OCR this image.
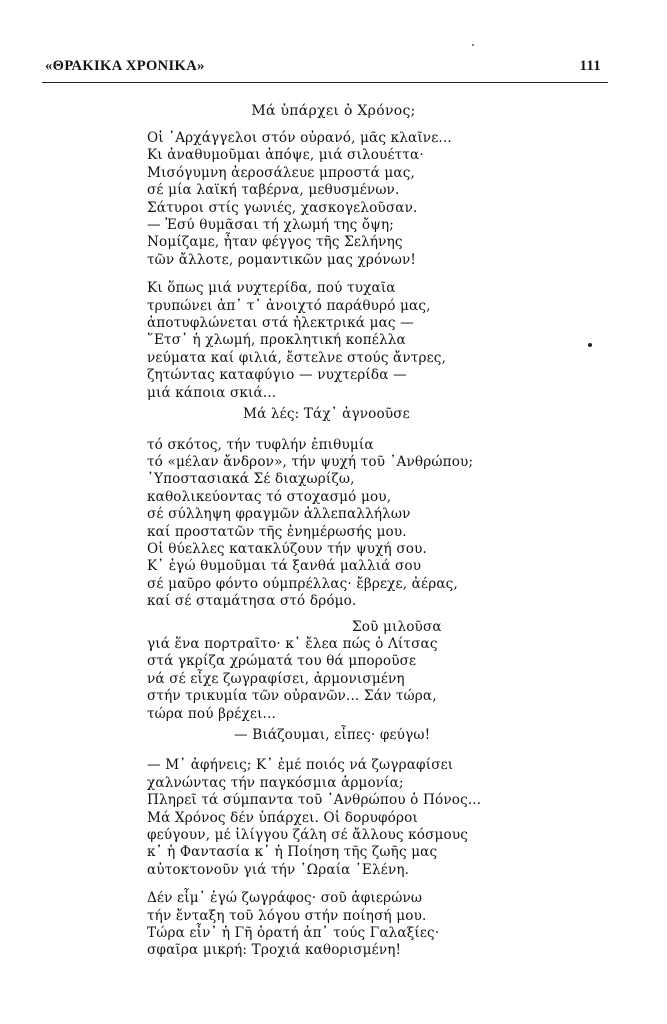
«ΘΡΑΚΙΚΑ ΧΡΟΝΙΚΑ»	111
Μά ὑπάρχει ὁ Χρόνος;
Οἱ ᾿Αρχάγγελοι στόν οὐρανό, μᾶς κλαῖνε...
Κι ἀναθυμοῦμαι ἀπόψε, μιά σιλουέττα·
Μισόγυμνη ἀεροσάλευε μπροστά μας,
σέ μία λαϊκή ταβέρνα, μεθυσμένων.
Σάτυροι στίς γωνιές, χασκογελοῦσαν.
— Ἐσύ θυμᾶσαι τή χλωμή της ὄψη;
Νομίζαμε, ἦταν φέγγος τῆς Σελήνης
τῶν ἄλλοτε, ρομαντικῶν μας χρόνων!
Κι ὅπως μιά νυχτερίδα, πού τυχαῖα
τρυπώνει ἀπ᾿ τ᾿ ἀνοιχτό παράθυρό μας,
ἀποτυφλώνεται στά ἠλεκτρικά μας —
῞Ετσ᾿ ἡ χλωμή, προκλητική κοπέλλα
νεύματα καί φιλιά, ἔστελνε στούς ἄντρες,
ζητώντας καταφύγιο — νυχτερίδα —
μιά κάποια σκιά...
Μά λές: Τάχ᾿ ἀγνοοῦσε
τό σκότος, τήν τυφλήν ἐπιθυμία
τό «μέλαν ἄνδρον», τήν ψυχή τοῦ ᾿Ανθρώπου;
῾Υποστασιακά Σέ διαχωρίζω,
καθολικεύοντας τό στοχασμό μου,
σέ σύλληψη φραγμῶν ἀλλεπαλλήλων
καί προστατῶν τῆς ἐνημέρωσής μου.
Οἱ θύελλες κατακλύζουν τήν ψυχή σου.
Κ᾿ ἐγώ θυμοῦμαι τά ξανθά μαλλιά σου
σέ μαῦρο φόντο ούμπρέλλας· ἔβρεχε, ἀέρας,
καί σέ σταμάτησα στό δρόμο.
Σοῦ μιλοῦσα
γιά ἕνα πορτραῖτο· κ᾿ ἔλεα πώς ὁ Λίτσας
στά γκρίζα χρώματά του θά μποροῦσε
νά σέ εἶχε ζωγραφίσει, ἁρμονισμένη
στήν τρικυμία τῶν οὐρανῶν... Σάν τώρα,
τώρα πού βρέχει...
— Βιάζουμαι, εἶπες· φεύγω!
— Μ᾿ ἀφήνεις; Κ᾿ ἐμέ ποιός νά ζωγραφίσει
χαλνώντας τήν παγκόσμια ἁρμονία;
Πληρεῖ τά σύμπαντα τοῦ ᾿Ανθρώπου ὁ Πόνος...
Μά Χρόνος δέν ὑπάρχει. Οἱ δορυφόροι
φεύγουν, μέ ἰλίγγου ζάλη σέ ἄλλους κόσμους
κ᾿ ἡ Φαντασία κ᾿ ἡ Ποίηση τῆς ζωῆς μας
αὐτοκτονοῦν γιά τήν ῾Ωραία ῾Ελένη.
Δέν εἶμ᾿ ἐγώ ζωγράφος· σοῦ ἀφιερώνω
τήν ἔνταξη τοῦ λόγου στήν ποίησή μου.
Τώρα εἶν᾿ ἡ Γῆ ὁρατή ἀπ᾿ τούς Γαλαξίες·
σφαῖρα μικρή: Τροχιά καθορισμένη!
